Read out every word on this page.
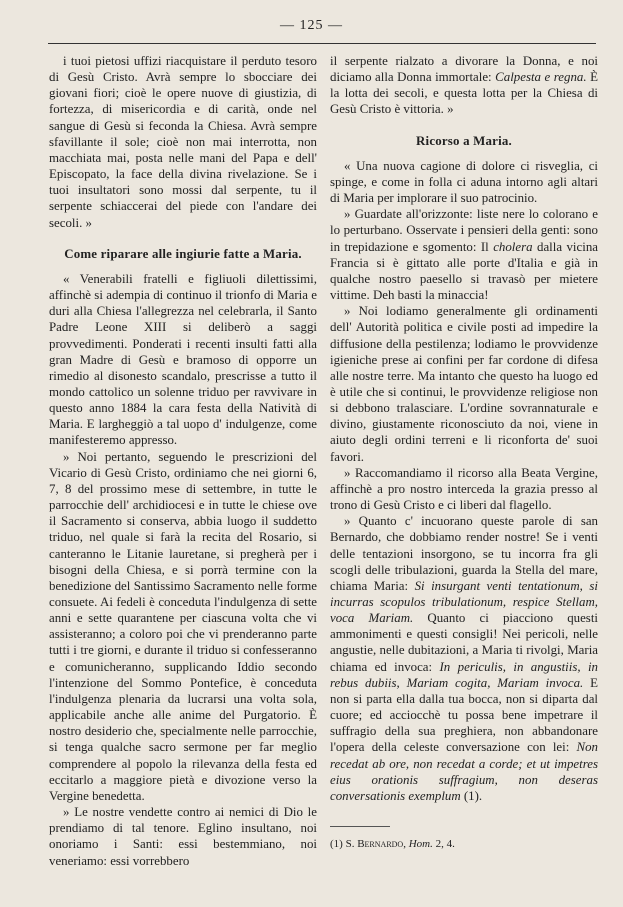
— 125 —

i tuoi pietosi uffizi riacquistare il perduto tesoro di Gesù Cristo. Avrà sempre lo sbocciare dei giovani fiori; cioè le opere nuove di giustizia, di fortezza, di misericordia e di carità, onde nel sangue di Gesù si feconda la Chiesa. Avrà sempre sfavillante il sole; cioè non mai interrotta, non macchiata mai, posta nelle mani del Papa e dell' Episcopato, la face della divina rivelazione. Se i tuoi insultatori sono mossi dal serpente, tu il serpente schiaccerai del piede con l'andare dei secoli. »

Come riparare alle ingiurie fatte a Maria.

« Venerabili fratelli e figliuoli dilettissimi, affinchè si adempia di continuo il trionfo di Maria e duri alla Chiesa l'allegrezza nel celebrarla, il Santo Padre Leone XIII si deliberò a saggi provvedimenti. Ponderati i recenti insulti fatti alla gran Madre di Gesù e bramoso di opporre un rimedio al disonesto scandalo, prescrisse a tutto il mondo cattolico un solenne triduo per ravvivare in questo anno 1884 la cara festa della Natività di Maria. E largheggiò a tal uopo d' indulgenze, come manifesteremo appresso.

» Noi pertanto, seguendo le prescrizioni del Vicario di Gesù Cristo, ordiniamo che nei giorni 6, 7, 8 del prossimo mese di settembre, in tutte le parrocchie dell' archidiocesi e in tutte le chiese ove il Sacramento si conserva, abbia luogo il suddetto triduo, nel quale si farà la recita del Rosario, si canteranno le Litanie lauretane, si pregherà per i bisogni della Chiesa, e si porrà termine con la benedizione del Santissimo Sacramento nelle forme consuete. Ai fedeli è conceduta l'indulgenza di sette anni e sette quarantene per ciascuna volta che vi assisteranno; a coloro poi che vi prenderanno parte tutti i tre giorni, e durante il triduo si confesseranno e comunicheranno, supplicando Iddio secondo l'intenzione del Sommo Pontefice, è conceduta l'indulgenza plenaria da lucrarsi una volta sola, applicabile anche alle anime del Purgatorio. È nostro desiderio che, specialmente nelle parrocchie, si tenga qualche sacro sermone per far meglio comprendere al popolo la rilevanza della festa ed eccitarlo a maggiore pietà e divozione verso la Vergine benedetta.

» Le nostre vendette contro ai nemici di Dio le prendiamo di tal tenore. Eglino insultano, noi onoriamo i Santi: essi bestemmiano, noi veneriamo: essi vorrebbero

il serpente rialzato a divorare la Donna, e noi diciamo alla Donna immortale: Calpesta e regna. È la lotta dei secoli, e questa lotta per la Chiesa di Gesù Cristo è vittoria. »

Ricorso a Maria.

« Una nuova cagione di dolore ci risveglia, ci spinge, e come in folla ci aduna intorno agli altari di Maria per implorare il suo patrocinio.

» Guardate all'orizzonte: liste nere lo colorano e lo perturbano. Osservate i pensieri della genti: sono in trepidazione e sgomento: Il cholera dalla vicina Francia si è gittato alle porte d'Italia e già in qualche nostro paesello si travasò per mietere vittime. Deh basti la minaccia!

» Noi lodiamo generalmente gli ordinamenti dell' Autorità politica e civile posti ad impedire la diffusione della pestilenza; lodiamo le provvidenze igieniche prese ai confini per far cordone di difesa alle nostre terre. Ma intanto che questo ha luogo ed è utile che si continui, le provvidenze religiose non si debbono tralasciare. L'ordine sovrannaturale e divino, giustamente riconosciuto da noi, viene in aiuto degli ordini terreni e li riconforta de' suoi favori.

» Raccomandiamo il ricorso alla Beata Vergine, affinchè a pro nostro interceda la grazia presso al trono di Gesù Cristo e ci liberi dal flagello.

» Quanto c' incuorano queste parole di san Bernardo, che dobbiamo render nostre! Se i venti delle tentazioni insorgono, se tu incorra fra gli scogli delle tribulazioni, guarda la Stella del mare, chiama Maria: Si insurgant venti tentationum, si incurras scopulos tribulationum, respice Stellam, voca Mariam. Quanto ci piacciono questi ammonimenti e questi consigli! Nei pericoli, nelle angustie, nelle dubitazioni, a Maria ti rivolgi, Maria chiama ed invoca: In periculis, in angustiis, in rebus dubiis, Mariam cogita, Mariam invoca. E non si parta ella dalla tua bocca, non si diparta dal cuore; ed acciocchè tu possa bene impetrare il suffragio della sua preghiera, non abbandonare l'opera della celeste conversazione con lei: Non recedat ab ore, non recedat a corde; et ut impetres eius orationis suffragium, non deseras conversationis exemplum (1).

(1) S. Bernardo, Hom. 2, 4.
